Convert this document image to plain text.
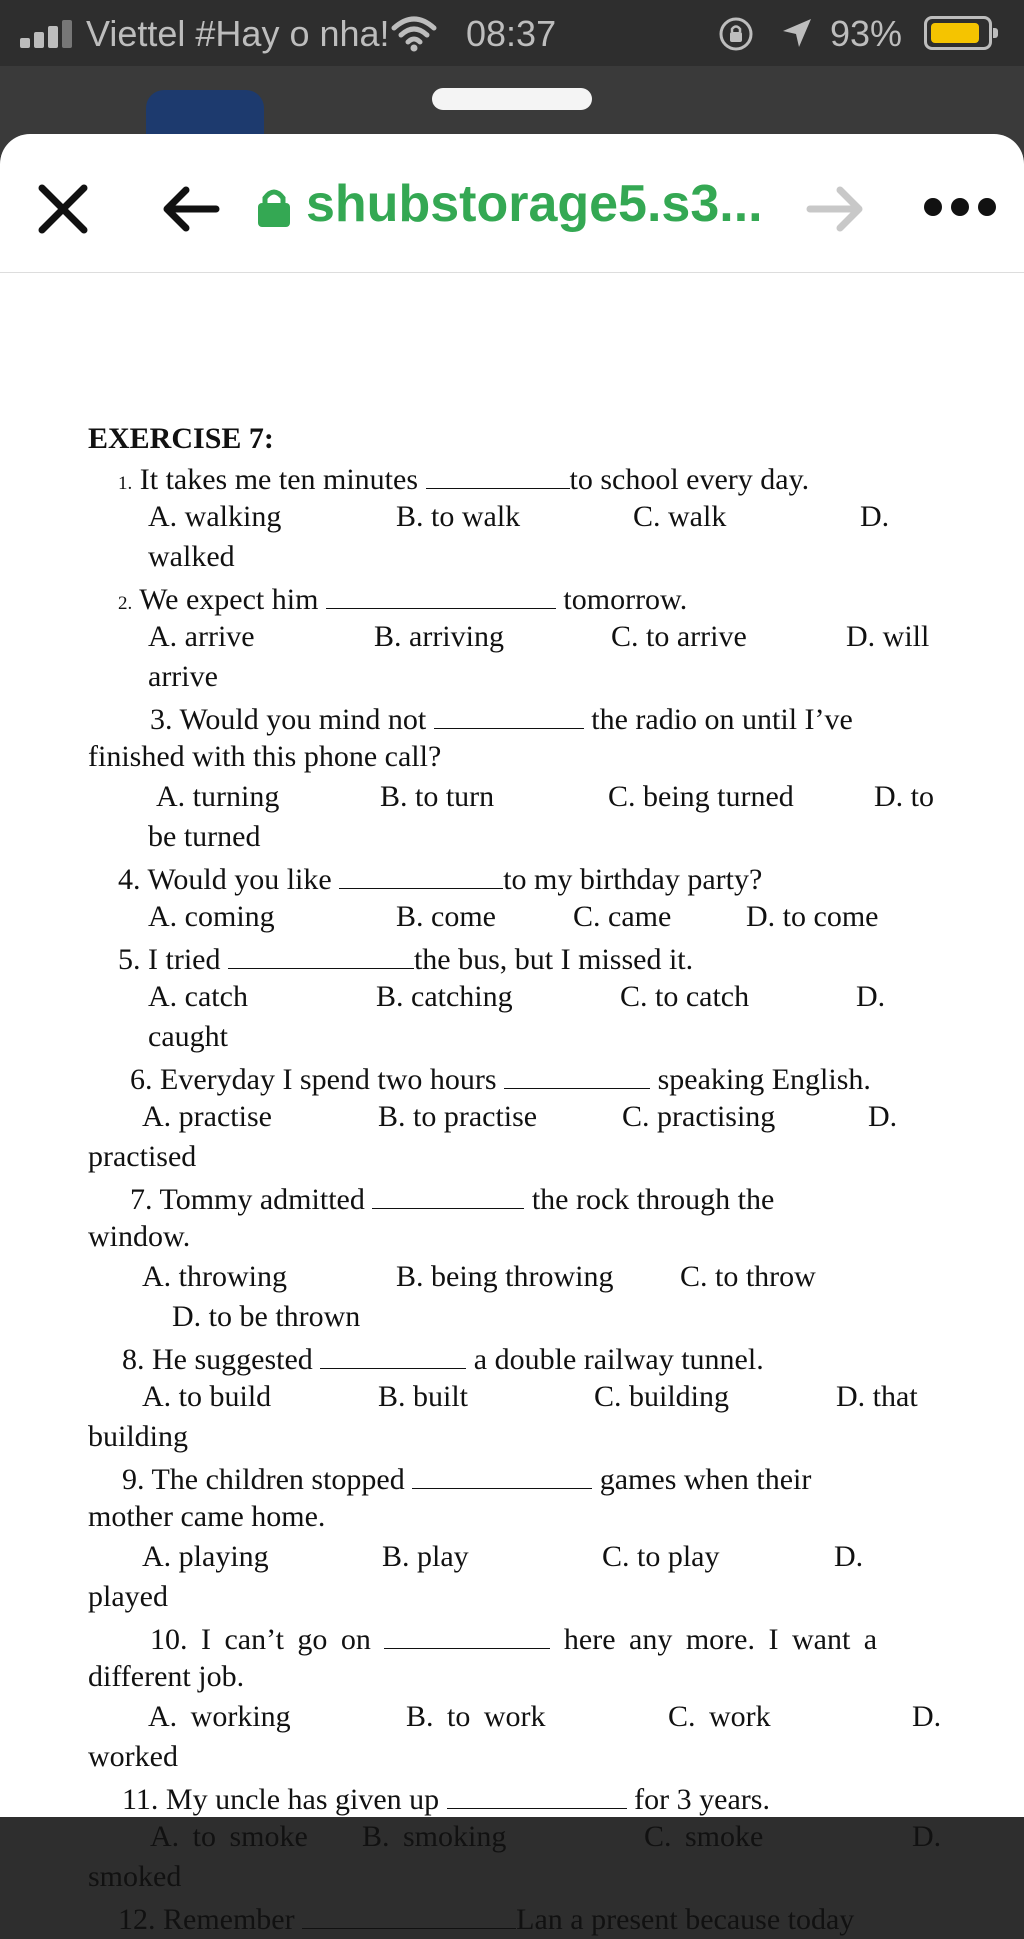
Viettel #Hay o nha! 08:37	93%
shubstorage5.s3...
EXERCISE 7:
1. It takes me ten minutes	to school every day.
A. walking	B. to walk	C. walk	D.
walked
2. We expect him	tomorrow.
A. arrive	B. arriving	C. to arrive	D. will
arrive
3. Would you mind not	the radio on until I’ve
finished with this phone call?
A. turning	B. to turn	C. being turned	D. to
be turned
4. Would you like	to my birthday party?
A. coming	B. come	C. came D. to come
5. I tried	the bus, but I missed it.
A. catch	B. catching	C. to catch	D.
caught
6. Everyday I spend two hours	speaking English.
A. practise	B. to practise	C. practising	D.
practised
7. Tommy admitted	the rock through the
window.
A. throwing	B. being throwing C. to throw
D. to be thrown
8. He suggested	a double railway tunnel.
A. to build	B. built	C. building	D. that
building
9. The children stopped	games when their
mother came home.
A. playing	B. play	C. to play	D.
played
10. I can’t go on	here any more. I want a
different job.
A. working	B. to work	C. work	D.
worked
11. My uncle has given up	for 3 years.
A. to smoke B. smoking	C. smoke	D.
smoked
12. Remember	Lan a present because today
